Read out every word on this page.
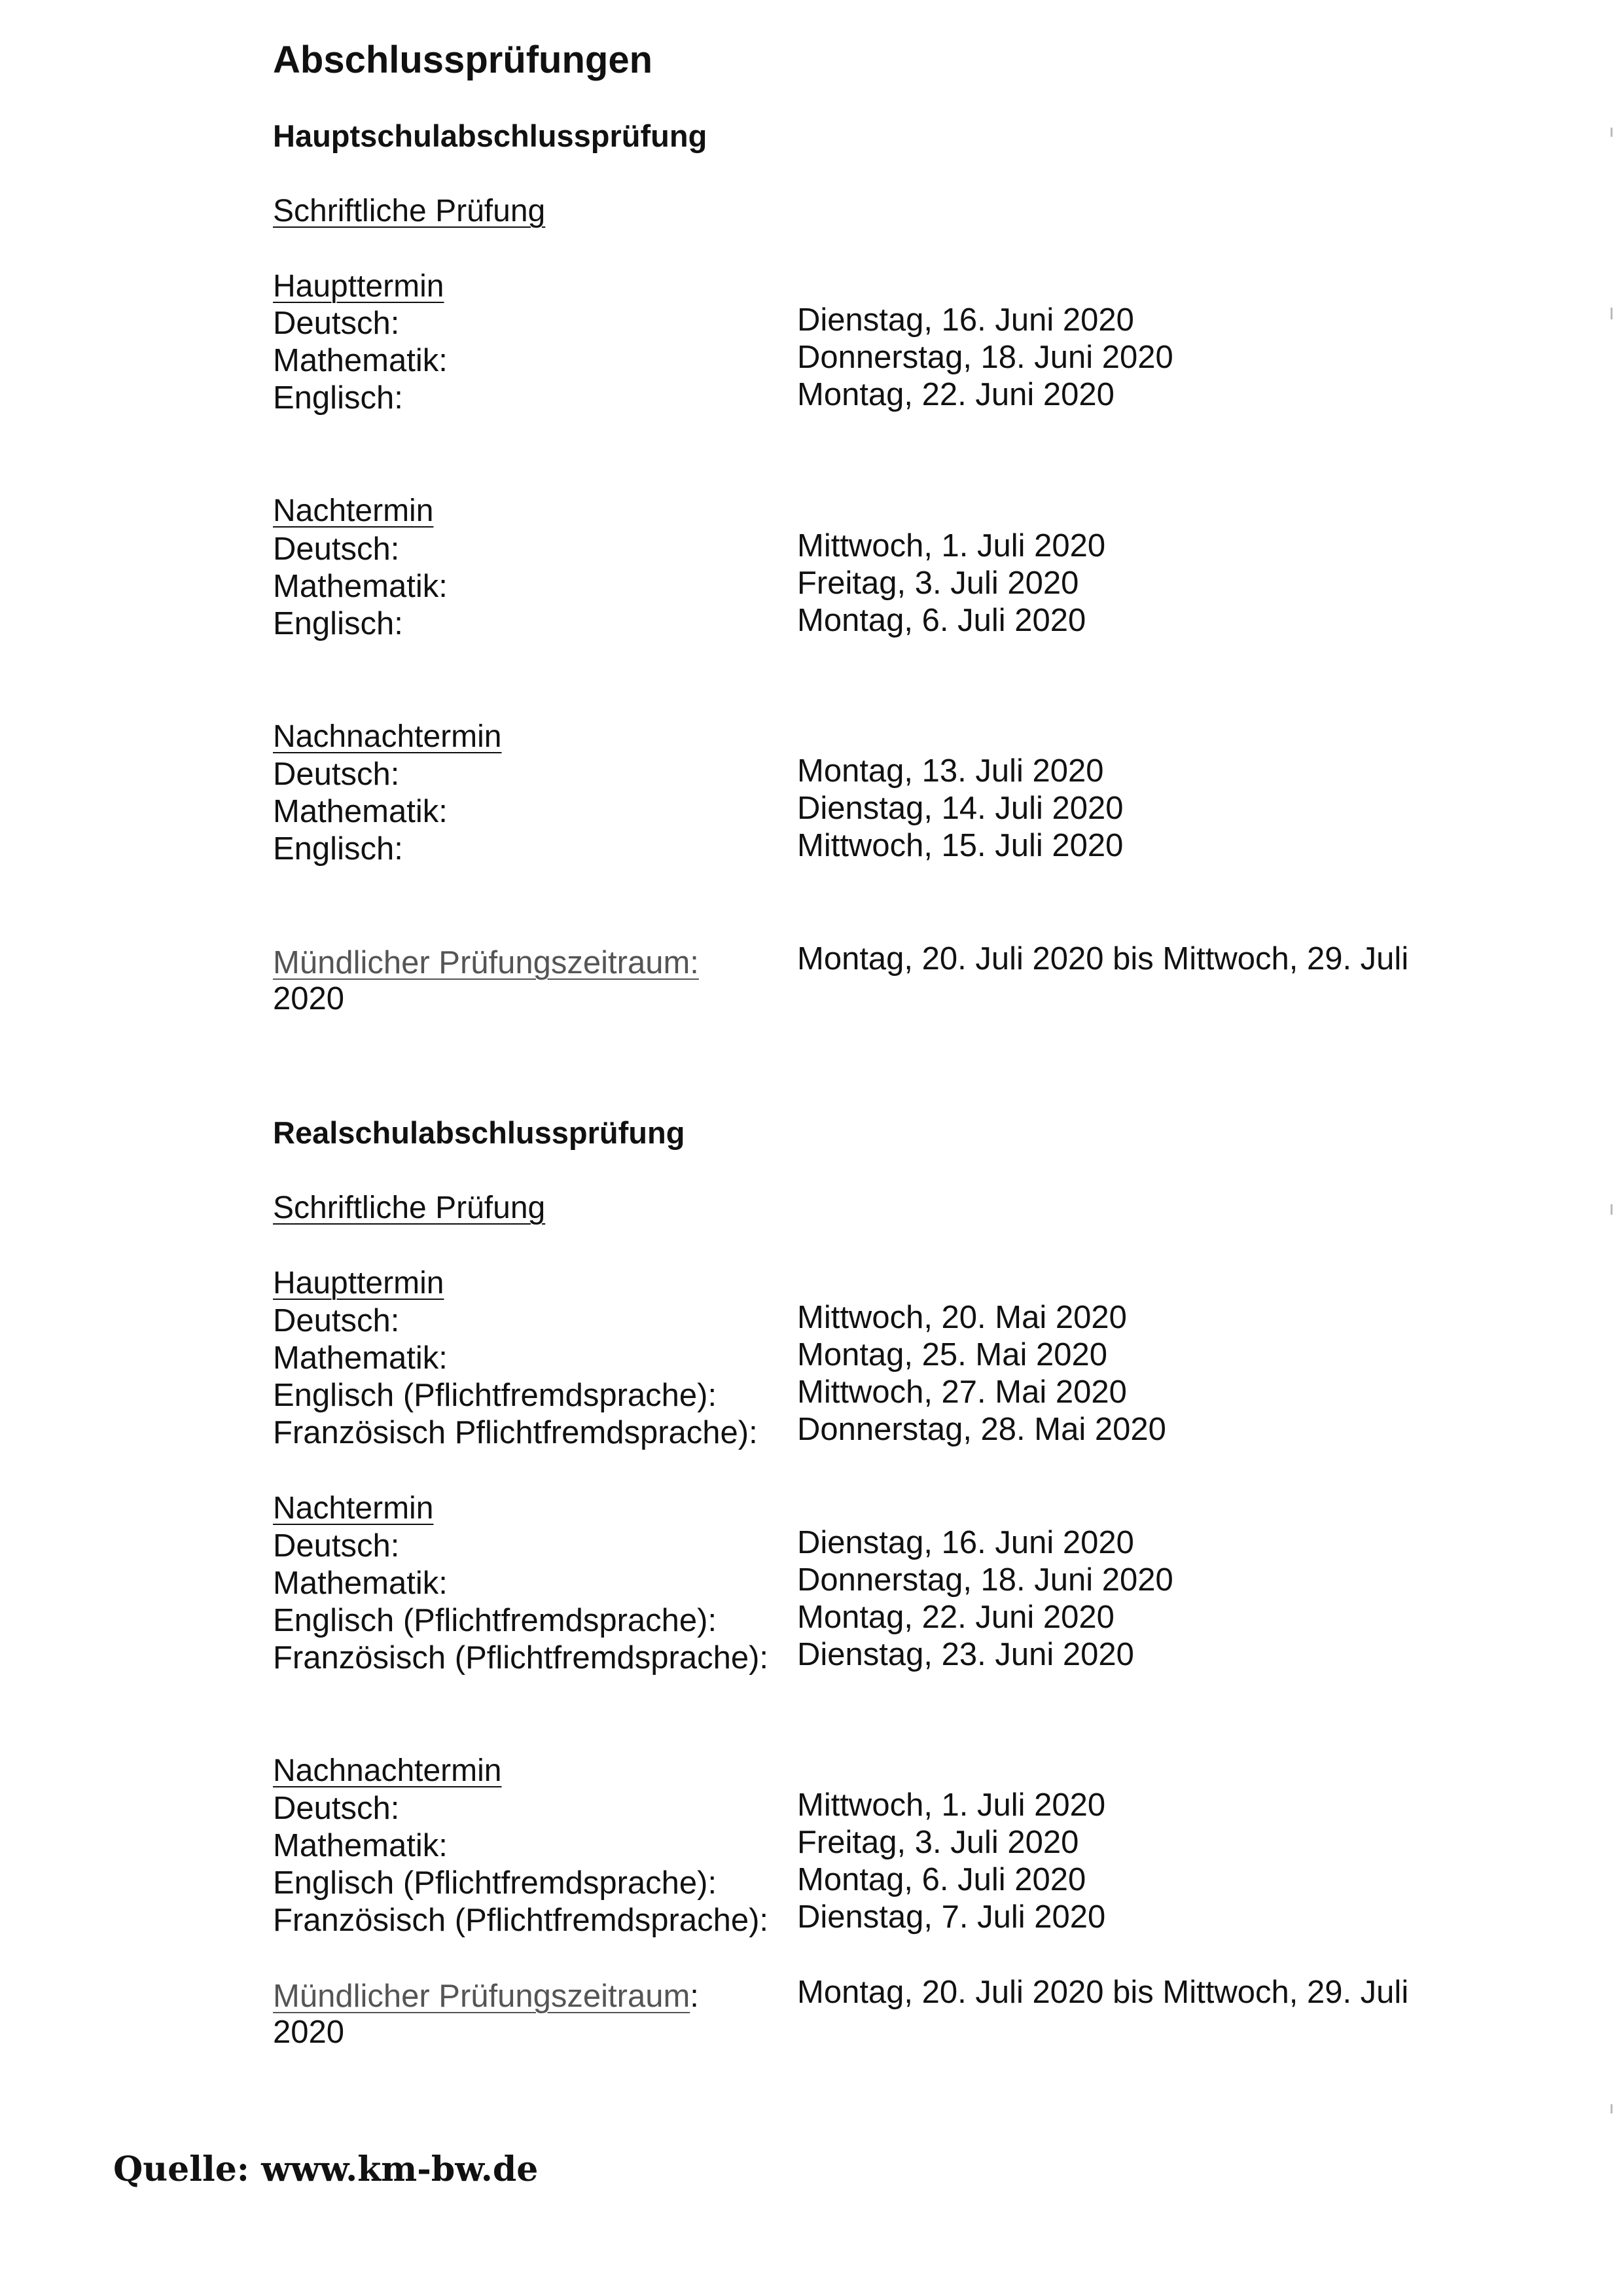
Abschlussprüfungen
Hauptschulabschlussprüfung
Schriftliche Prüfung
Haupttermin
Deutsch:	Dienstag, 16. Juni 2020
Mathematik:	Donnerstag, 18. Juni 2020
Englisch:	Montag, 22. Juni 2020
Nachtermin
Deutsch:	Mittwoch, 1. Juli 2020
Mathematik:	Freitag, 3. Juli 2020
Englisch:	Montag, 6. Juli 2020
Nachnachtermin
Deutsch:	Montag, 13. Juli 2020
Mathematik:	Dienstag, 14. Juli 2020
Englisch:	Mittwoch, 15. Juli 2020
Mündlicher Prüfungszeitraum:	Montag, 20. Juli 2020 bis Mittwoch, 29. Juli
2020
Realschulabschlussprüfung
Schriftliche Prüfung
Haupttermin
Deutsch:	Mittwoch, 20. Mai 2020
Mathematik:	Montag, 25. Mai 2020
Englisch (Pflichtfremdsprache):	Mittwoch, 27. Mai 2020
Französisch Pflichtfremdsprache): Donnerstag, 28. Mai 2020
Nachtermin
Deutsch:	Dienstag, 16. Juni 2020
Mathematik:	Donnerstag, 18. Juni 2020
Englisch (Pflichtfremdsprache):	Montag, 22. Juni 2020
Französisch (Pflichtfremdsprache): Dienstag, 23. Juni 2020
Nachnachtermin
Deutsch:	Mittwoch, 1. Juli 2020
Mathematik:	Freitag, 3. Juli 2020
Englisch (Pflichtfremdsprache):	Montag, 6. Juli 2020
Französisch (Pflichtfremdsprache): Dienstag, 7. Juli 2020
Mündlicher Prüfungszeitraum:	Montag, 20. Juli 2020 bis Mittwoch, 29. Juli
2020
Quelle: www.km-bw.de
